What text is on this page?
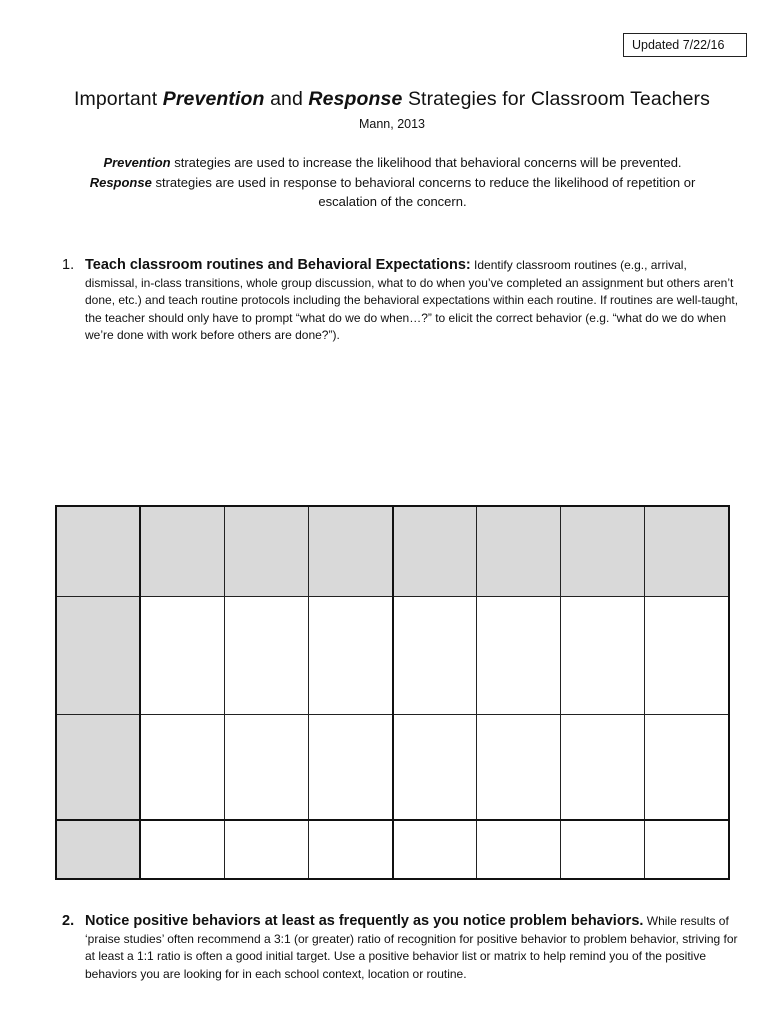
Updated 7/22/16
Important Prevention and Response Strategies for Classroom Teachers
Mann, 2013
Prevention strategies are used to increase the likelihood that behavioral concerns will be prevented.
Response strategies are used in response to behavioral concerns to reduce the likelihood of repetition or escalation of the concern.
1. Teach classroom routines and Behavioral Expectations: Identify classroom routines (e.g., arrival, dismissal, in-class transitions, whole group discussion, what to do when you’ve completed an assignment but others aren’t done, etc.) and teach routine protocols including the behavioral expectations within each routine. If routines are well-taught, the teacher should only have to prompt “what do we do when…?” to elicit the correct behavior (e.g. “what do we do when we’re done with work before others are done?”).

2. Notice positive behaviors at least as frequently as you notice problem behaviors. While results of ‘praise studies’ often recommend a 3:1 (or greater) ratio of recognition for positive behavior to problem behavior, striving for at least a 1:1 ratio is often a good initial target. Use a positive behavior list or matrix to help remind you of the positive behaviors you are looking for in each school context, location or routine.
